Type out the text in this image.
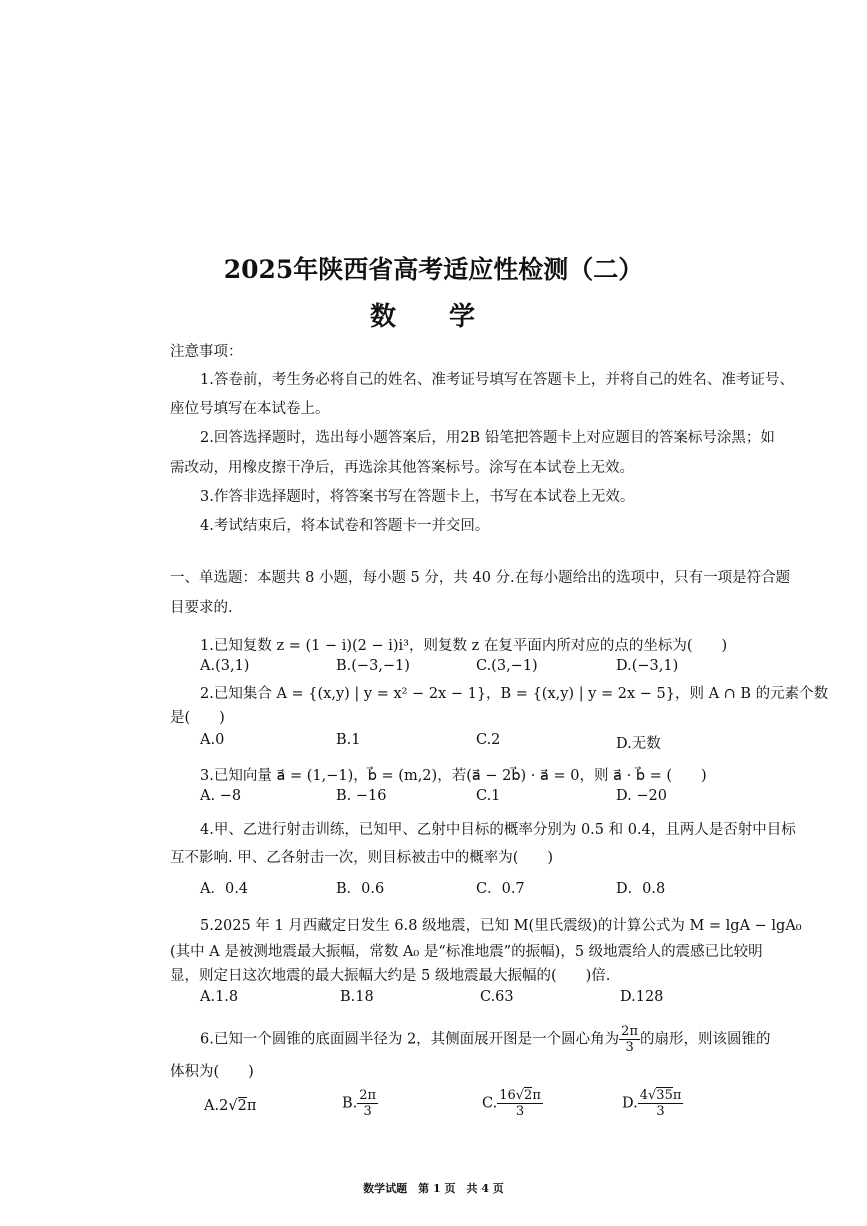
2025年陕西省高考适应性检测（二）
数 学
注意事项：
1.答卷前，考生务必将自己的姓名、准考证号填写在答题卡上，并将自己的姓名、准考证号、
座位号填写在本试卷上。
2.回答选择题时，选出每小题答案后，用2B 铅笔把答题卡上对应题目的答案标号涂黑；如
需改动，用橡皮擦干净后，再选涂其他答案标号。涂写在本试卷上无效。
3.作答非选择题时，将答案书写在答题卡上，书写在本试卷上无效。
4.考试结束后，将本试卷和答题卡一并交回。
一、单选题：本题共 8 小题，每小题 5 分，共 40 分.在每小题给出的选项中，只有一项是符合题
目要求的.
1.已知复数 z = (1 − i)(2 − i)i³，则复数 z 在复平面内所对应的点的坐标为(　　)
A.(3,1)	B.(−3,−1)	C.(3,−1)	D.(−3,1)
2.已知集合 A = {(x,y) | y = x² − 2x − 1}，B = {(x,y) | y = 2x − 5}，则 A ∩ B 的元素个数
是(　　)
A.0	B.1	C.2	D.无数
3.已知向量 a⃗ = (1,−1)，b⃗ = (m,2)，若(a⃗ − 2b⃗) · a⃗ = 0，则 a⃗ · b⃗ = (　　)
A. −8	B. −16	C.1	D. −20
4.甲、乙进行射击训练，已知甲、乙射中目标的概率分别为 0.5 和 0.4，且两人是否射中目标
互不影响. 甲、乙各射击一次，则目标被击中的概率为(　　)
A．0.4	B．0.6	C．0.7	D．0.8
5.2025 年 1 月西藏定日发生 6.8 级地震，已知 M(里氏震级)的计算公式为 M = lgA − lgA₀
(其中 A 是被测地震最大振幅，常数 A₀ 是“标准地震”的振幅)，5 级地震给人的震感已比较明
显，则定日这次地震的最大振幅大约是 5 级地震最大振幅的(　　)倍.
A.1.8	B.18	C.63	D.128
6.已知一个圆锥的底面圆半径为 2，其侧面展开图是一个圆心角为 $\frac{2\pi}{3}$ 的扇形，则该圆锥的
体积为(　　)
A.2√2π	B. $\frac{2\pi}{3}$	C. $\frac{16√2\pi}{3}$	D. $\frac{4√35\pi}{3}$
数学试题　第 1 页　共 4 页
